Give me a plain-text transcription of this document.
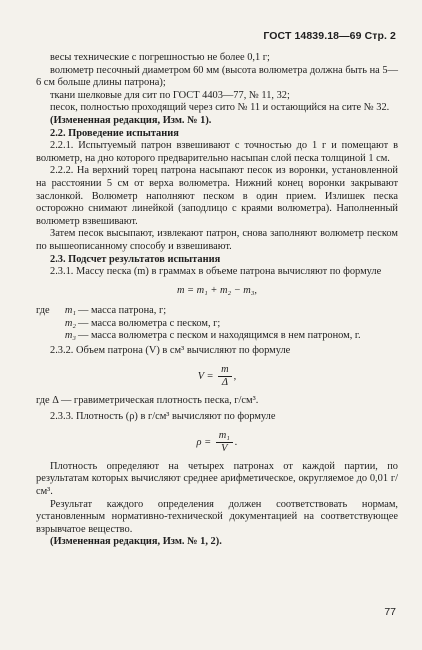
ГОСТ 14839.18—69 Стр. 2

весы технические с погрешностью не более 0,1 г;

волюметр песочный диаметром 60 мм (высота волюметра должна быть на 5—6 см больше длины патрона);

ткани шелковые для сит по ГОСТ 4403—77, № 11, 32;

песок, полностью проходящий через сито № 11 и остающийся на сите № 32.

(Измененная редакция, Изм. № 1).

2.2. Проведение испытания

2.2.1. Испытуемый патрон взвешивают с точностью до 1 г и помещают в волюметр, на дно которого предварительно насыпан слой песка толщиной 1 см.

2.2.2. На верхний торец патрона насыпают песок из воронки, установленной на расстоянии 5 см от верха волюметра. Нижний конец воронки закрывают заслонкой. Волюметр наполняют песком в один прием. Излишек песка осторожно снимают линейкой (заподлицо с краями волюметра). Наполненный волюметр взвешивают.

Затем песок высыпают, извлекают патрон, снова заполняют волюметр песком по вышеописанному способу и взвешивают.

2.3. Подсчет результатов испытания

2.3.1. Массу песка (m) в граммах в объеме патрона вычисляют по формуле

m = m₁ + m₂ − m₃,
где	m₁ — масса патрона, г;
m₂ — масса волюметра с песком, г;
m₃ — масса волюметра с песком и находящимся в нем патроном, г.

2.3.2. Объем патрона (V) в см³ вычисляют по формуле

$V = \frac{m}{\Delta}$ ,

где Δ — гравиметрическая плотность песка, г/см³.

2.3.3. Плотность (ρ) в г/см³ вычисляют по формуле

$\rho = \frac{\text{m₁}}{V}$ .

Плотность определяют на четырех патронах от каждой партии, по результатам которых вычисляют среднее арифметическое, округляемое до 0,01 г/см³.

Результат каждого определения должен соответствовать нормам, установленным нормативно-технической документацией на соответствующее взрывчатое вещество.

(Измененная редакция, Изм. № 1, 2).

77
